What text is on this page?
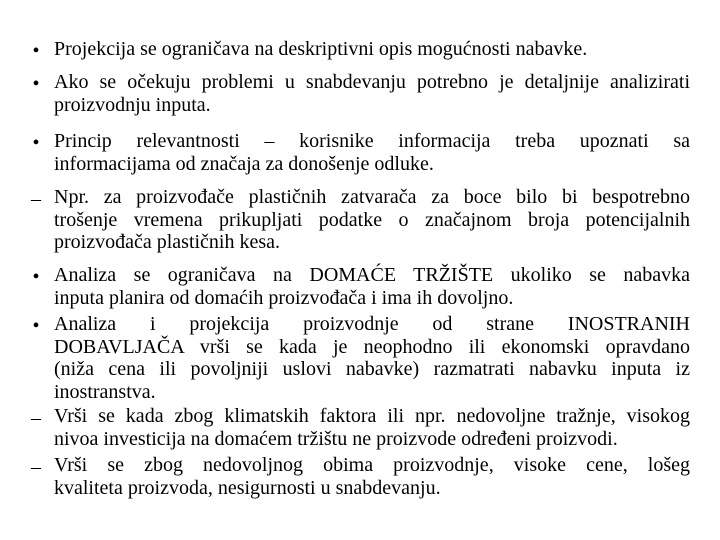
• Projekcija se ograničava na deskriptivni opis mogućnosti nabavke.
• Ako se očekuju problemi u snabdevanju potrebno je detaljnije analizirati
proizvodnju inputa.
• Princip relevantnosti – korisnike informacija treba upoznati sa
informacijama od značaja za donošenje odluke.
– Npr. za proizvođače plastičnih zatvarača za boce bilo bi bespotrebno
trošenje vremena prikupljati podatke o značajnom broja potencijalnih
proizvođača plastičnih kesa.
• Analiza se ograničava na DOMAĆE TRŽIŠTE ukoliko se nabavka
inputa planira od domaćih proizvođača i ima ih dovoljno.
• Analiza i projekcija proizvodnje od strane INOSTRANIH
DOBAVLJAČA vrši se kada je neophodno ili ekonomski opravdano
(niža cena ili povoljniji uslovi nabavke) razmatrati nabavku inputa iz
inostranstva.
– Vrši se kada zbog klimatskih faktora ili npr. nedovoljne tražnje, visokog
nivoa investicija na domaćem tržištu ne proizvode određeni proizvodi.
– Vrši se zbog nedovoljnog obima proizvodnje, visoke cene, lošeg
kvaliteta proizvoda, nesigurnosti u snabdevanju.
